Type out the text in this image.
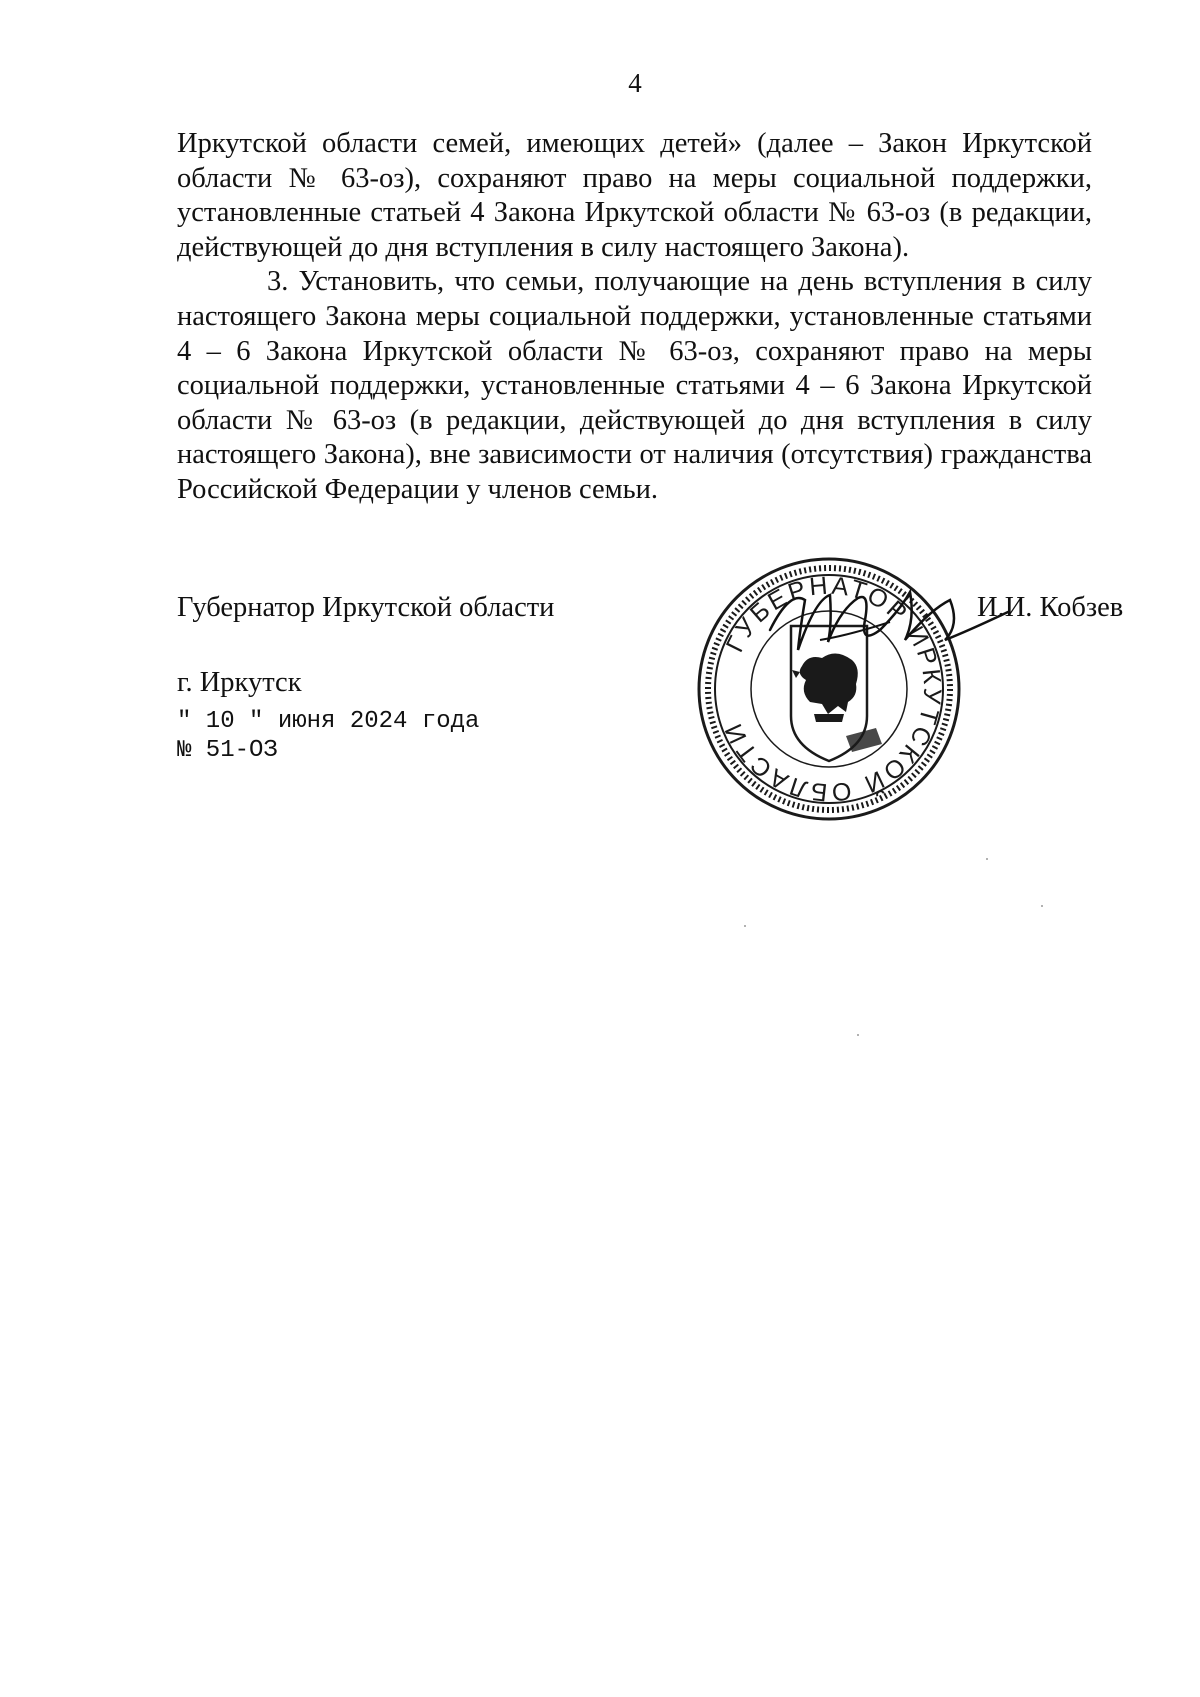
4

Иркутской области семей, имеющих детей» (далее – Закон Иркутской области № 63-оз), сохраняют право на меры социальной поддержки, установленные статьей 4 Закона Иркутской области № 63-оз (в редакции, действующей до дня вступления в силу настоящего Закона).

3. Установить, что семьи, получающие на день вступления в силу настоящего Закона меры социальной поддержки, установленные статьями 4 – 6 Закона Иркутской области № 63-оз, сохраняют право на меры социальной поддержки, установленные статьями 4 – 6 Закона Иркутской области № 63-оз (в редакции, действующей до дня вступления в силу настоящего Закона), вне зависимости от наличия (отсутствия) гражданства Российской Федерации у членов семьи.

Губернатор Иркутской области
ГУБЕРНАТОР ИРКУТСКОЙ ОБЛАСТИ
И.И. Кобзев
г. Иркутск
" 10 " июня 2024 года
№ 51-ОЗ
